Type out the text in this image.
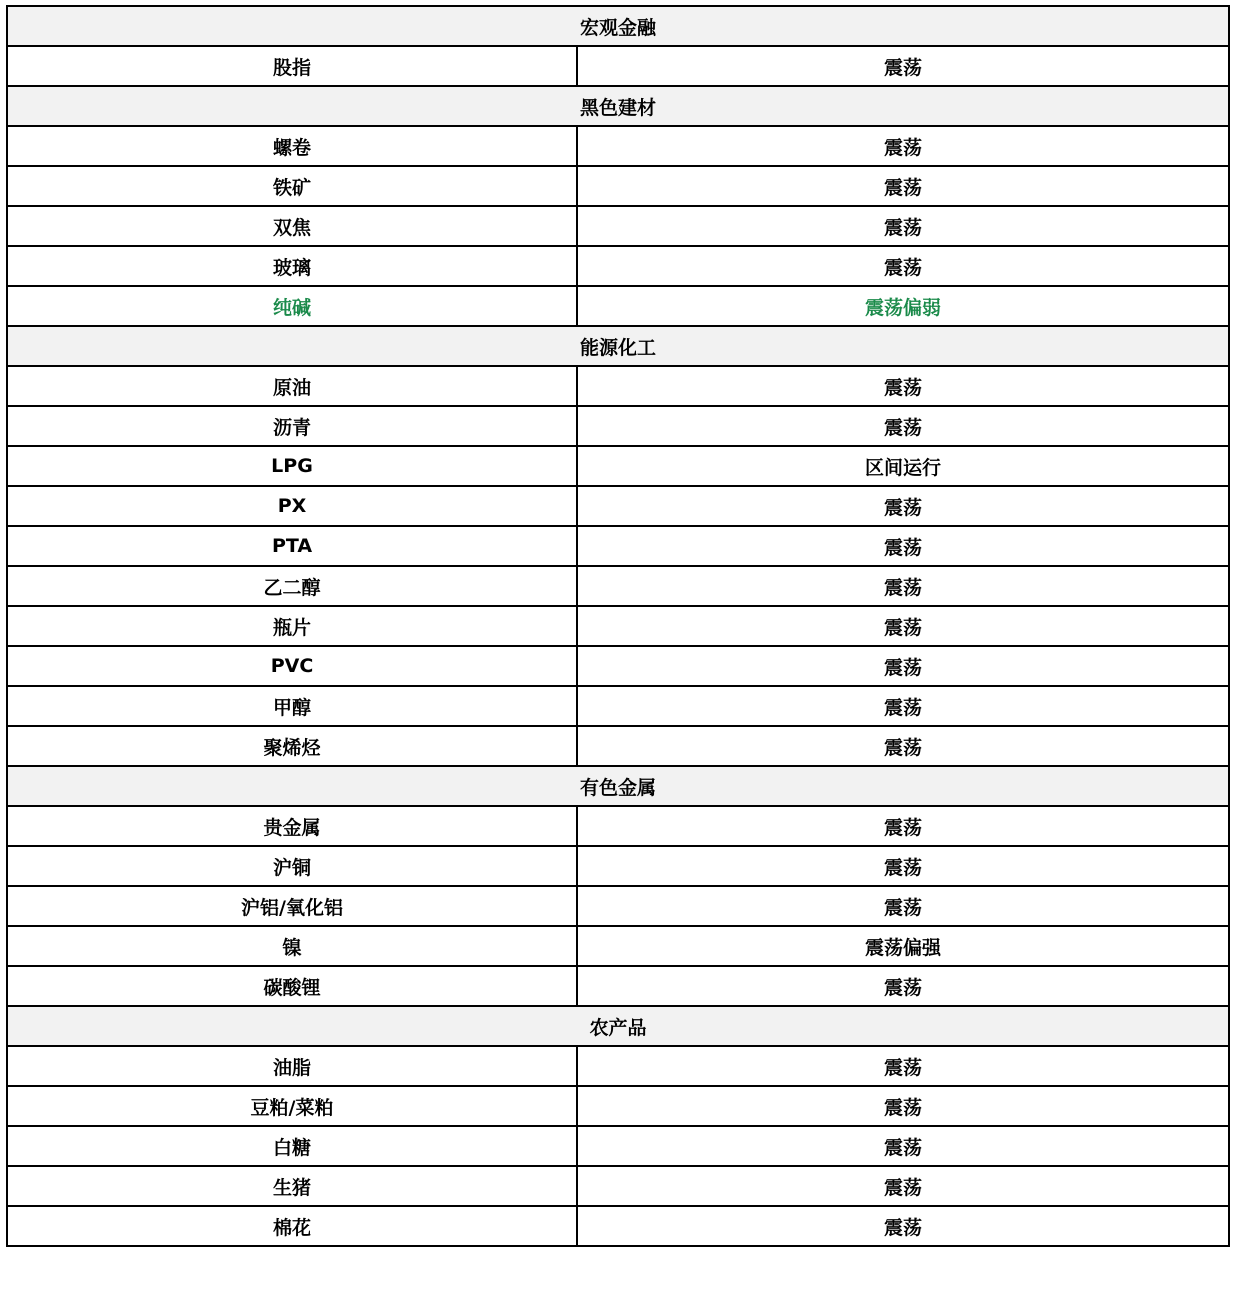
宏观金融	
股指	震荡
黑色建材	
螺卷	震荡
铁矿	震荡
双焦	震荡
玻璃	震荡
纯碱	震荡偏弱
能源化工	
原油	震荡
沥青	震荡
LPG	区间运行
PX	震荡
PTA	震荡
乙二醇	震荡
瓶片	震荡
PVC	震荡
甲醇	震荡
聚烯烃	震荡
有色金属	
贵金属	震荡
沪铜	震荡
沪铝/氧化铝	震荡
镍	震荡偏强
碳酸锂	震荡
农产品	
油脂	震荡
豆粕/菜粕	震荡
白糖	震荡
生猪	震荡
棉花	震荡
